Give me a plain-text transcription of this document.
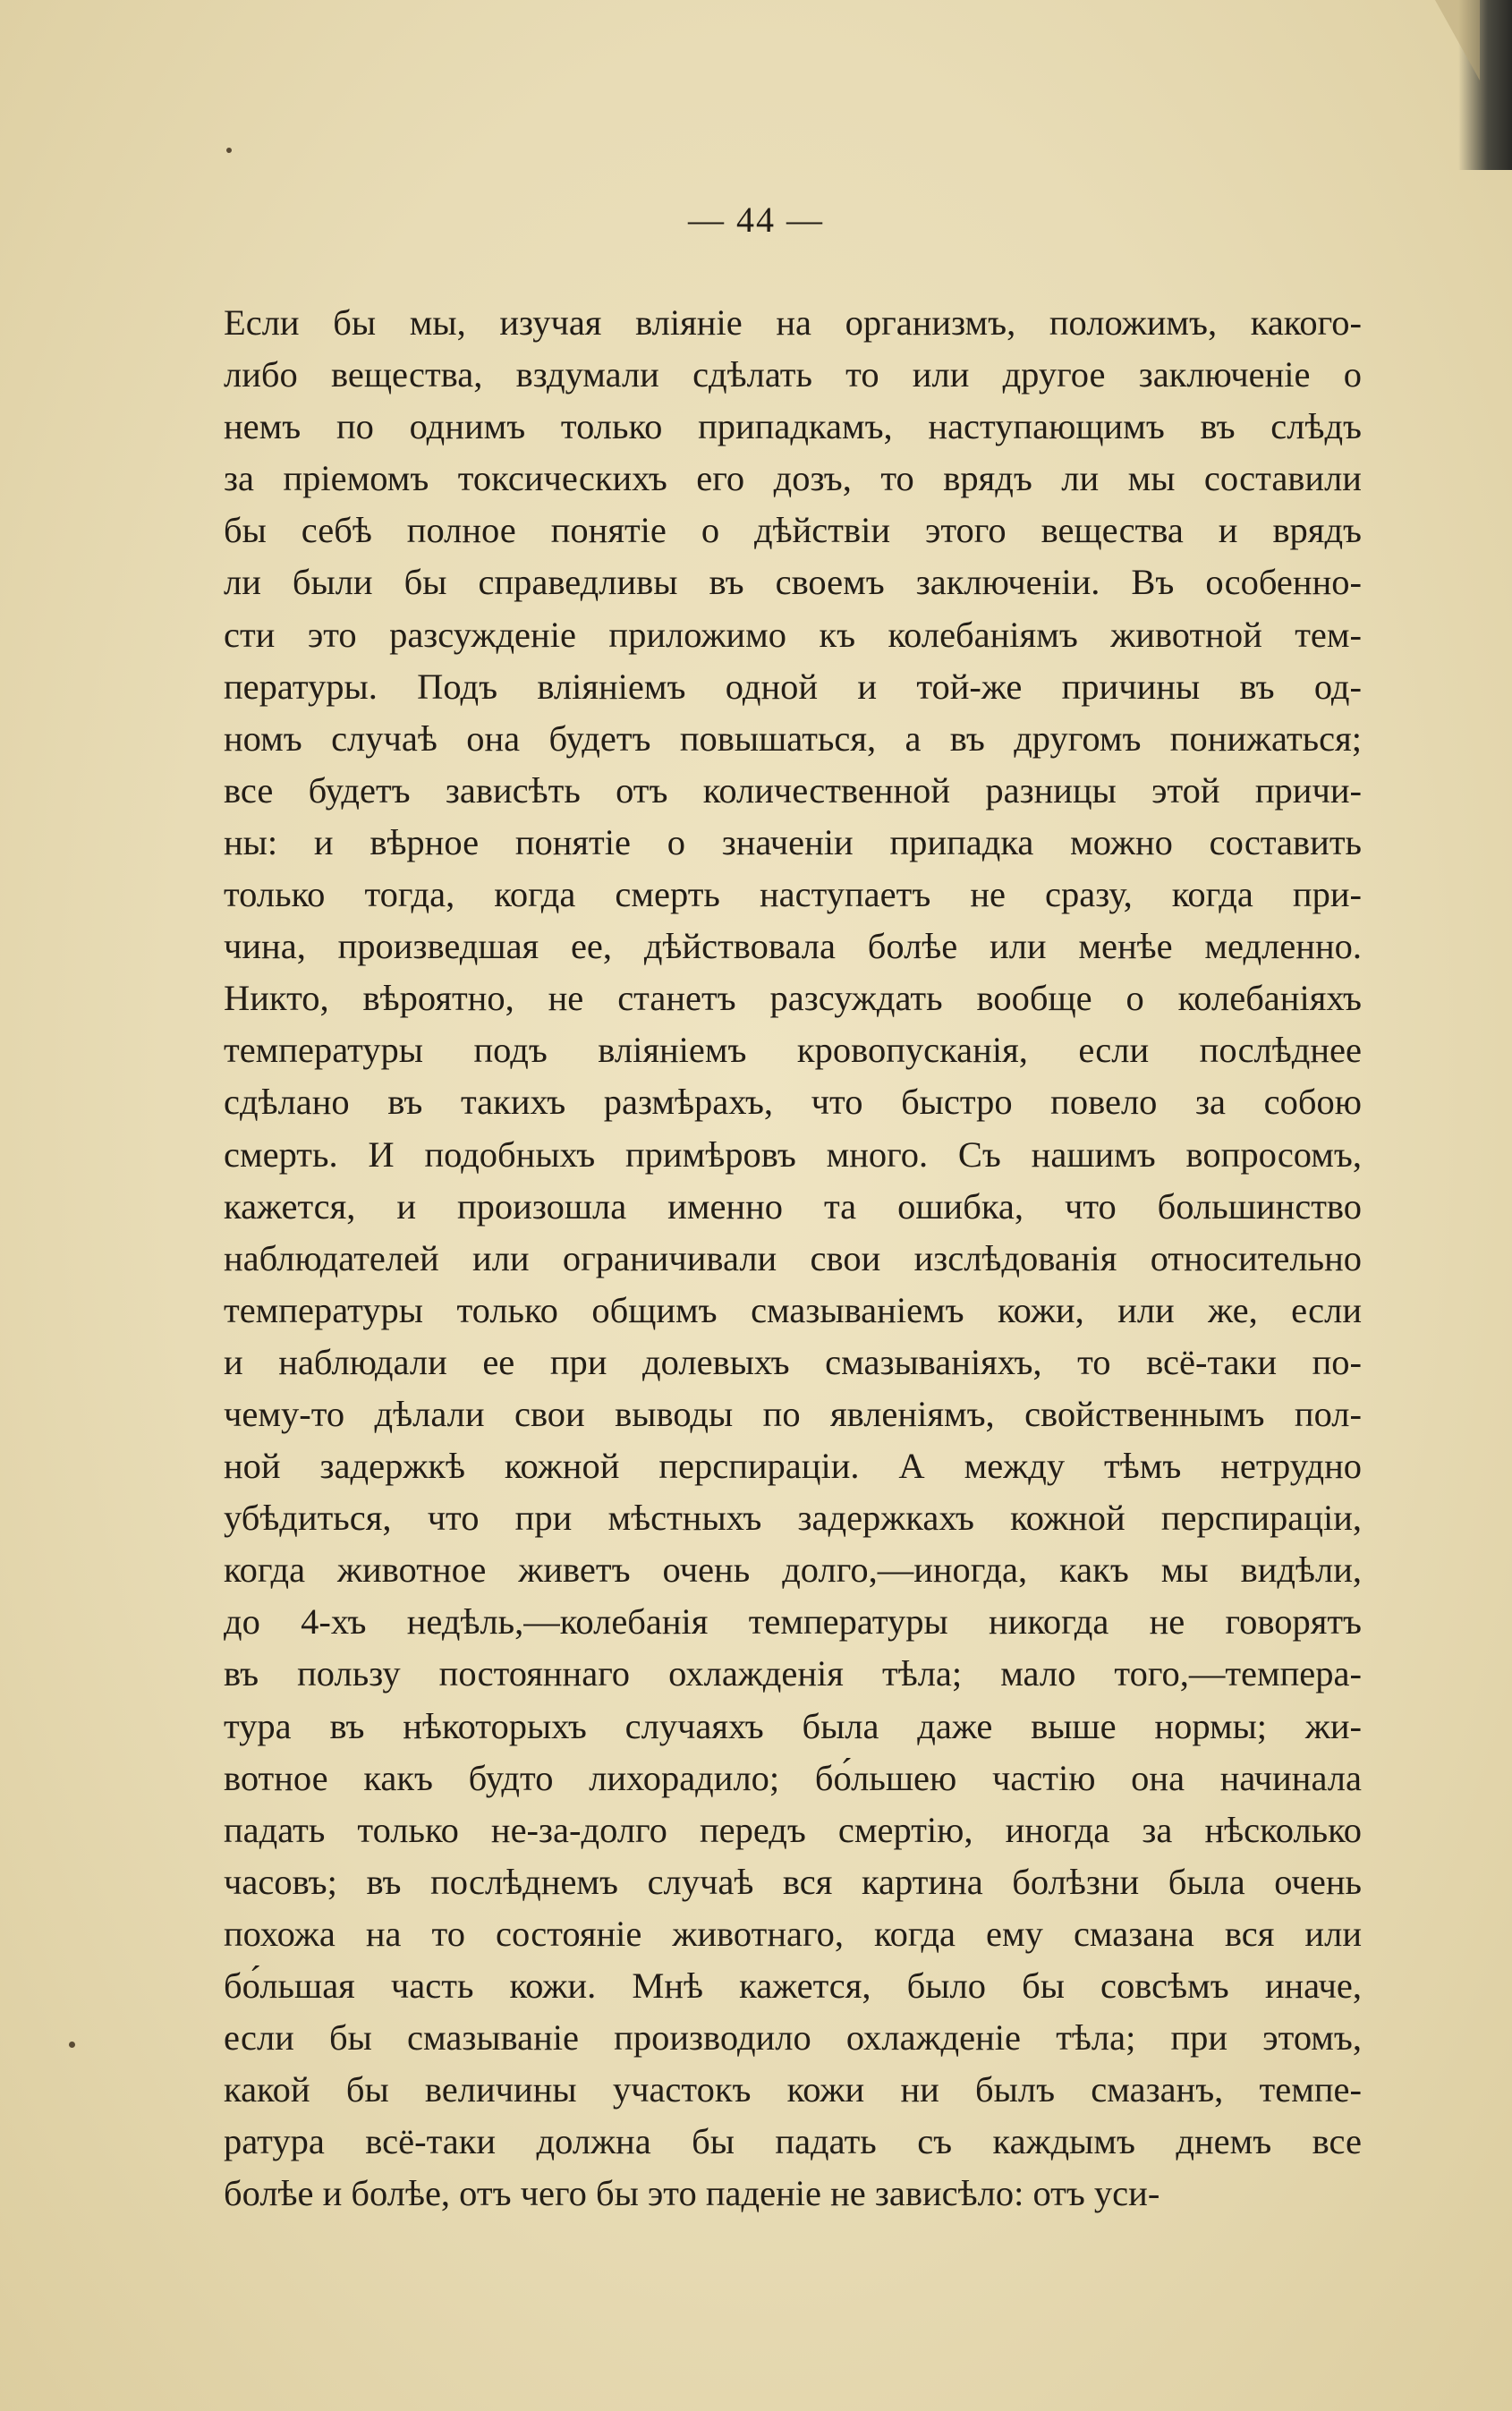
— 44 —
Если бы мы, изучая вліяніе на организмъ, положимъ, какого-
либо вещества, вздумали сдѣлать то или другое заключеніе о
немъ по однимъ только припадкамъ, наступающимъ въ слѣдъ
за пріемомъ токсическихъ его дозъ, то врядъ ли мы составили
бы себѣ полное понятіе о дѣйствіи этого вещества и врядъ
ли были бы справедливы въ своемъ заключеніи. Въ особенно-
сти это разсужденіе приложимо къ колебаніямъ животной тем-
пературы. Подъ вліяніемъ одной и той-же причины въ од-
номъ случаѣ она будетъ повышаться, а въ другомъ понижаться;
все будетъ зависѣть отъ количественной разницы этой причи-
ны: и вѣрное понятіе о значеніи припадка можно составить
только тогда, когда смерть наступаетъ не сразу, когда при-
чина, произведшая ее, дѣйствовала болѣе или менѣе медленно.
Никто, вѣроятно, не станетъ разсуждать вообще о колебаніяхъ
температуры подъ вліяніемъ кровопусканія, если послѣднее
сдѣлано въ такихъ размѣрахъ, что быстро повело за собою
смерть. И подобныхъ примѣровъ много. Съ нашимъ вопросомъ,
кажется, и произошла именно та ошибка, что большинство
наблюдателей или ограничивали свои изслѣдованія относительно
температуры только общимъ смазываніемъ кожи, или же, если
и наблюдали ее при долевыхъ смазываніяхъ, то всё-таки по-
чему-то дѣлали свои выводы по явленіямъ, свойственнымъ пол-
ной задержкѣ кожной перспираціи. А между тѣмъ нетрудно
убѣдиться, что при мѣстныхъ задержкахъ кожной перспираціи,
когда животное живетъ очень долго,—иногда, какъ мы видѣли,
до 4-хъ недѣль,—колебанія температуры никогда не говорятъ
въ пользу постояннаго охлажденія тѣла; мало того,—темпера-
тура въ нѣкоторыхъ случаяхъ была даже выше нормы; жи-
вотное какъ будто лихорадило; бо́льшею частію она начинала
падать только не-за-долго передъ смертію, иногда за нѣсколько
часовъ; въ послѣднемъ случаѣ вся картина болѣзни была очень
похожа на то состояніе животнаго, когда ему смазана вся или
бо́льшая часть кожи. Мнѣ кажется, было бы совсѣмъ иначе,
если бы смазываніе производило охлажденіе тѣла; при этомъ,
какой бы величины участокъ кожи ни былъ смазанъ, темпе-
ратура всё-таки должна бы падать съ каждымъ днемъ все
болѣе и болѣе, отъ чего бы это паденіе не зависѣло: отъ уси-
